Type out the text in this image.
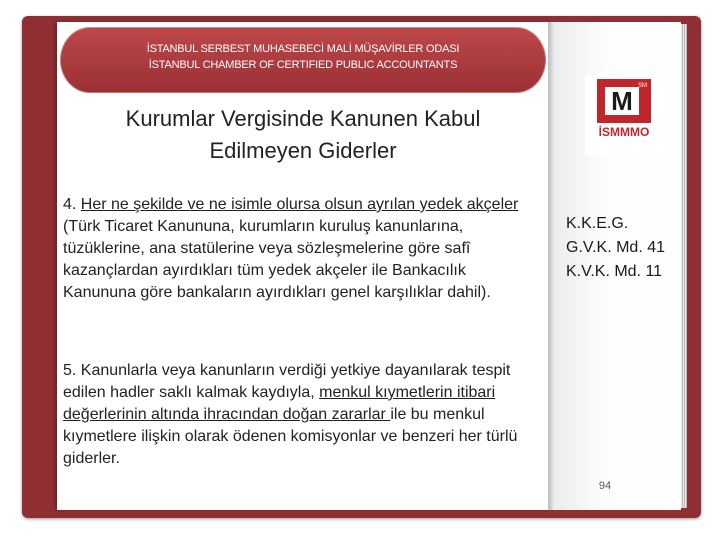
İSTANBUL SERBEST MUHASEBECİ MALİ MÜŞAVİRLER ODASI
İSTANBUL CHAMBER OF CERTIFIED PUBLIC ACCOUNTANTS
Kurumlar Vergisinde Kanunen Kabul
Edilmeyen Giderler
4. Her ne şekilde ve ne isimle olursa olsun ayrılan yedek akçeler (Türk Ticaret Kanununa, kurumların kuruluş kanunlarına, tüzüklerine, ana statülerine veya sözleşmelerine göre safî kazançlardan ayırdıkları tüm yedek akçeler ile Bankacılık Kanununa göre bankaların ayırdıkları genel karşılıklar dahil).
5. Kanunlarla veya kanunların verdiği yetkiye dayanılarak tespit edilen hadler saklı kalmak kaydıyla, menkul kıymetlerin itibari değerlerinin altında ihracından doğan zararlar ile bu menkul kıymetlere ilişkin olarak ödenen komisyonlar ve benzeri her türlü giderler.
M SM
İSMMMO
K.K.E.G.
G.V.K. Md. 41
K.V.K. Md. 11
94
